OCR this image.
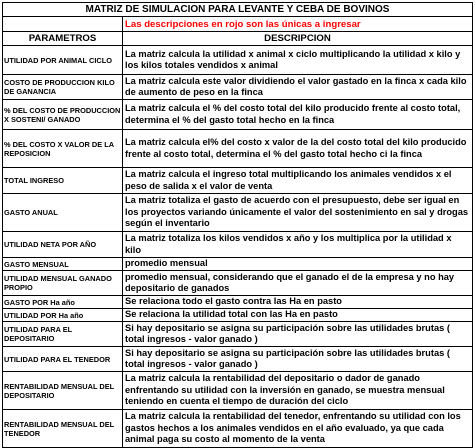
MATRIZ DE SIMULACION PARA LEVANTE Y CEBA DE BOVINOS	
	Las descripciones en rojo son las únicas a ingresar
PARAMETROS	DESCRIPCION
UTILIDAD POR ANIMAL CICLO	La matriz calcula la utilidad x animal x ciclo multiplicando la utilidad x kilo y los kilos totales vendidos x animal
COSTO DE PRODUCCION KILO DE GANANCIA	La matriz calcula este valor dividiendo el valor gastado en la finca x cada kilo de aumento de peso en la finca
% DEL COSTO DE PRODUCCION X SOSTENI/ GANADO	La matriz calcula el % del costo total del kilo producido frente al costo total, determina el % del gasto total hecho en la finca
% DEL COSTO X VALOR DE LA REPOSICION	La matriz calcula el% del costo x valor de la del costo total del kilo producido frente al costo total, determina el % del gasto total hecho ci la finca
TOTAL INGRESO	La matriz calcula el ingreso total multiplicando los animales vendidos x el peso de salida x el valor de venta
GASTO ANUAL	La matriz totaliza el gasto de acuerdo con el presupuesto, debe ser igual en los proyectos variando únicamente el valor del sostenimiento en sal y drogas según el inventario
UTILIDAD NETA POR AÑO	La matriz totaliza los kilos vendidos x año y los multiplica por la utilidad x kilo
GASTO MENSUAL	promedio mensual
UTILIDAD MENSUAL GANADO PROPIO	promedio mensual, considerando que el ganado el de la empresa y no hay depositario de ganados
GASTO POR Ha año	Se relaciona todo el gasto contra las Ha en pasto
UTILIDAD POR Ha año	Se relaciona la utilidad total con las Ha en pasto
UTILIDAD PARA EL DEPOSITARIO	Si hay depositario se asigna su participación sobre las utilidades brutas ( total ingresos - valor ganado )
UTILIDAD PARA EL TENEDOR	Si hay depositario se asigna su participación sobre las utilidades brutas ( total ingresos - valor ganado )
RENTABILIDAD MENSUAL DEL DEPOSITARIO	La matriz calcula la rentabilidad del depositario o dador de ganado enfrentando su utilidad con la inversión en ganado, se muestra mensual teniendo en cuenta el tiempo de duración del ciclo
RENTABILIDAD MENSUAL DEL TENEDOR	La matriz calcula la rentabilidad del tenedor, enfrentando su utilidad con los gastos hechos a los animales vendidos en el año evaluado, ya que cada animal paga su costo al momento de la venta
